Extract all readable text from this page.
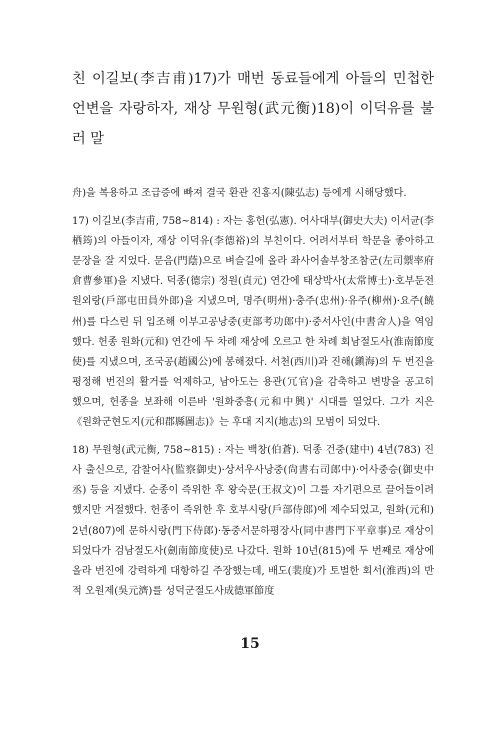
친 이길보(李吉甫)17)가 매번 동료들에게 아들의 민첩한 언변을 자랑하자, 재상 무원형(武元衡)18)이 이덕유를 불러 말

舟)을 복용하고 조급증에 빠져 결국 환관 진홍지(陳弘志) 등에게 시해당했다.

17) 이길보(李吉甫, 758~814) : 자는 홍헌(弘憲). 어사대부(御史大夫) 이서균(李栖筠)의 아들이자, 재상 이덕유(李德裕)의 부친이다. 어려서부터 학문을 좋아하고 문장을 잘 지었다. 문음(門蔭)으로 벼슬길에 올라 좌사어솔부창조참군(左司禦率府倉曹參軍)을 지냈다. 덕종(德宗) 정원(貞元) 연간에 태상박사(太常博士)·호부둔전원외랑(戶部屯田員外郎)을 지냈으며, 명주(明州)·충주(忠州)·유주(柳州)·요주(饒州)를 다스린 뒤 입조해 이부고공낭중(吏部考功郎中)·중서사인(中書舍人)을 역임했다. 헌종 원화(元和) 연간에 두 차례 재상에 오르고 한 차례 회남절도사(淮南節度使)를 지냈으며, 조국공(趙國公)에 봉해졌다. 서천(西川)과 진해(鎭海)의 두 번진을 평정해 번진의 활거를 억제하고, 남아도는 용관(冗官)을 감축하고 변방을 공고히 했으며, 헌종을 보좌해 이른바 '원화중흥(元和中興)' 시대를 열었다. 그가 지은 《원화군현도지(元和郡縣圖志)》는 후대 지지(地志)의 모범이 되었다.

18) 무원형(武元衡, 758~815) : 자는 백창(伯蒼). 덕종 건중(建中) 4년(783) 진사 출신으로, 감찰어사(監察御史)·상서우사낭중(尙書右司郎中)·어사중승(御史中丞) 등을 지냈다. 순종이 즉위한 후 왕숙문(王叔文)이 그를 자기편으로 끌어들이려 했지만 거절했다. 헌종이 즉위한 후 호부시랑(戶部侍郎)에 제수되었고, 원화(元和) 2년(807)에 문하시랑(門下侍郎)·동중서문하평장사(同中書門下平章事)로 재상이 되었다가 검남절도사(劍南節度使)로 나갔다. 원화 10년(815)에 두 번째로 재상에 올라 번진에 강력하게 대항하길 주장했는데, 배도(裴度)가 토벌한 회서(淮西)의 반적 오원제(吳元濟)를 성덕군절도사成德軍節度

15
